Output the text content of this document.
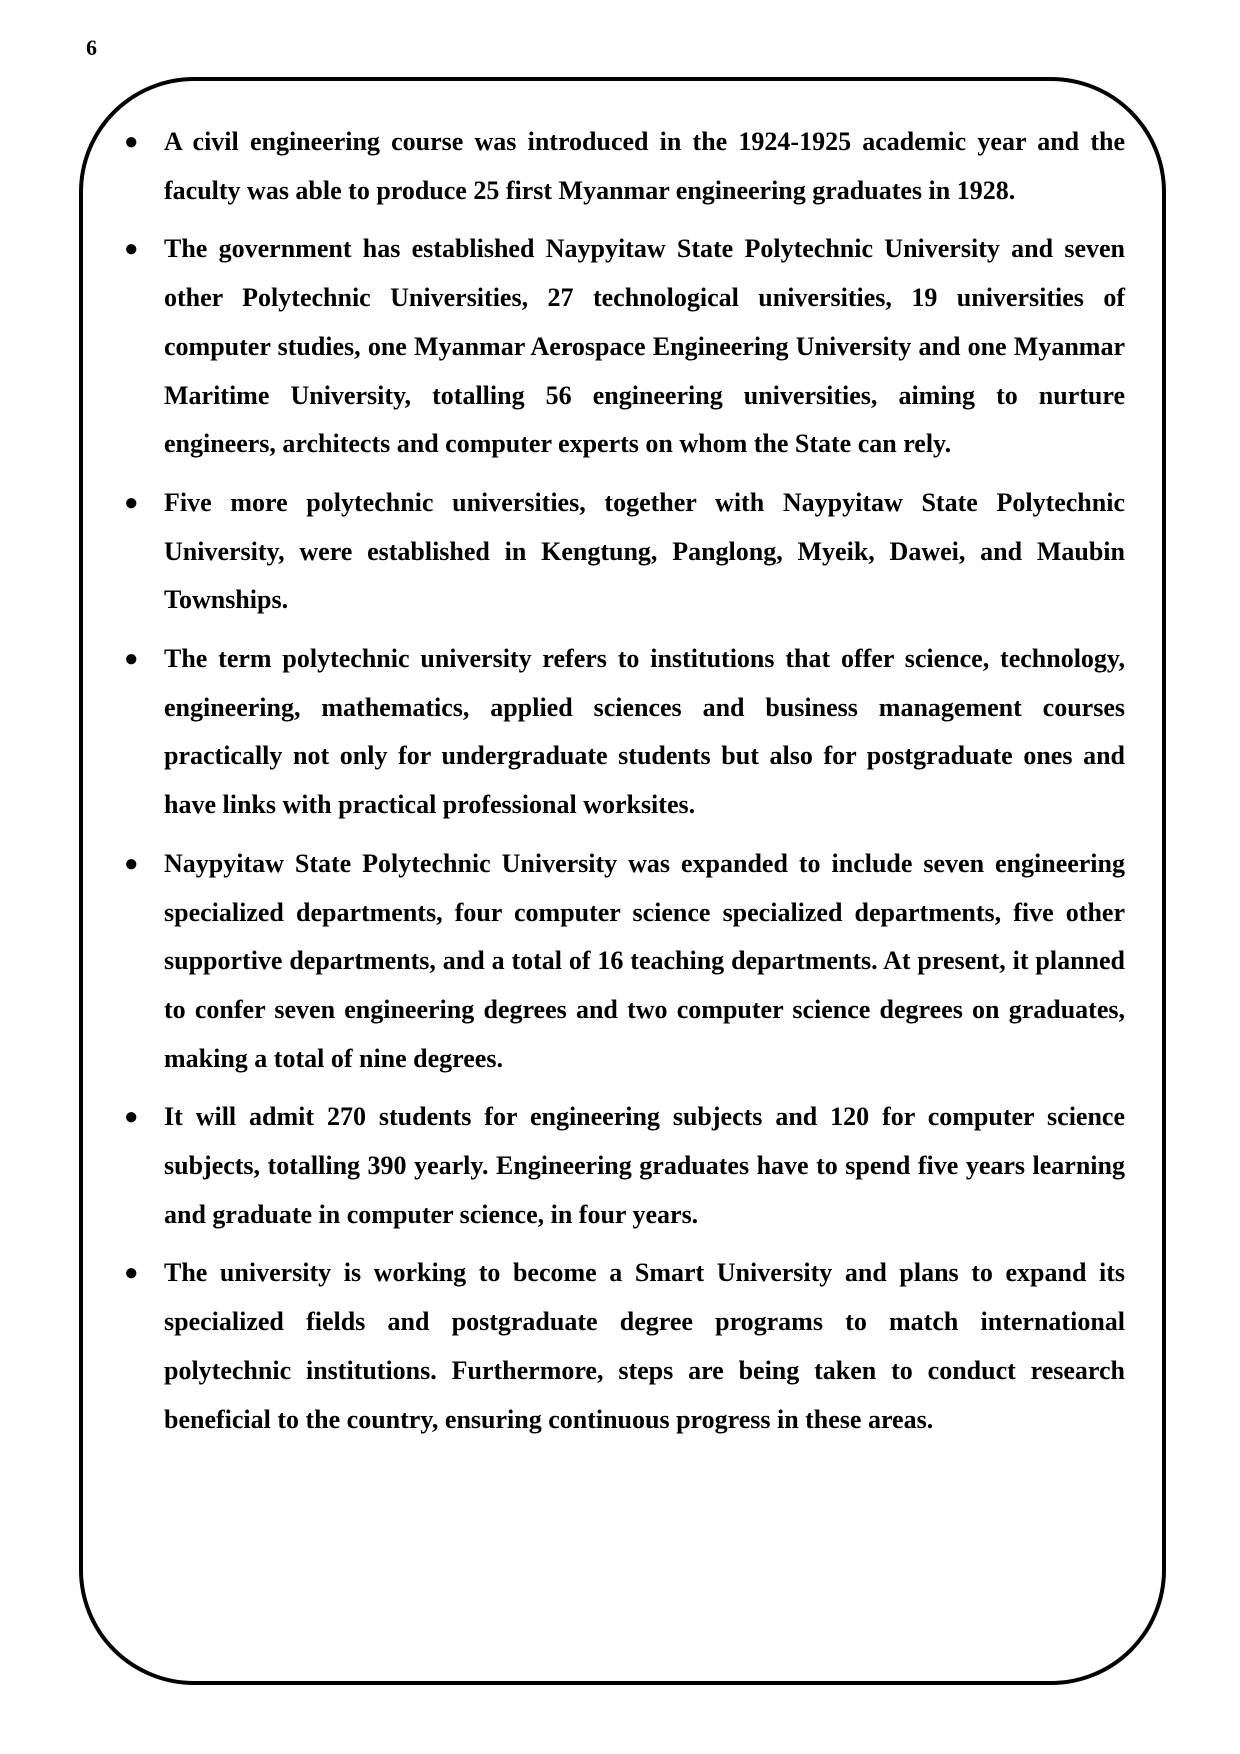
6
● A civil engineering course was introduced in the 1924-1925 academic year and the faculty was able to produce 25 first Myanmar engineering graduates in 1928.
● The government has established Naypyitaw State Polytechnic University and seven other Polytechnic Universities, 27 technological universities, 19 universities of computer studies, one Myanmar Aerospace Engineering University and one Myanmar Maritime University, totalling 56 engineering universities, aiming to nurture engineers, architects and computer experts on whom the State can rely.
● Five more polytechnic universities, together with Naypyitaw State Polytechnic University, were established in Kengtung, Panglong, Myeik, Dawei, and Maubin Townships.
● The term polytechnic university refers to institutions that offer science, technology, engineering, mathematics, applied sciences and business management courses practically not only for undergraduate students but also for postgraduate ones and have links with practical professional worksites.
● Naypyitaw State Polytechnic University was expanded to include seven engineering specialized departments, four computer science specialized departments, five other supportive departments, and a total of 16 teaching departments. At present, it planned to confer seven engineering degrees and two computer science degrees on graduates, making a total of nine degrees.
● It will admit 270 students for engineering subjects and 120 for computer science subjects, totalling 390 yearly. Engineering graduates have to spend five years learning and graduate in computer science, in four years.
● The university is working to become a Smart University and plans to expand its specialized fields and postgraduate degree programs to match international polytechnic institutions. Furthermore, steps are being taken to conduct research beneficial to the country, ensuring continuous progress in these areas.
